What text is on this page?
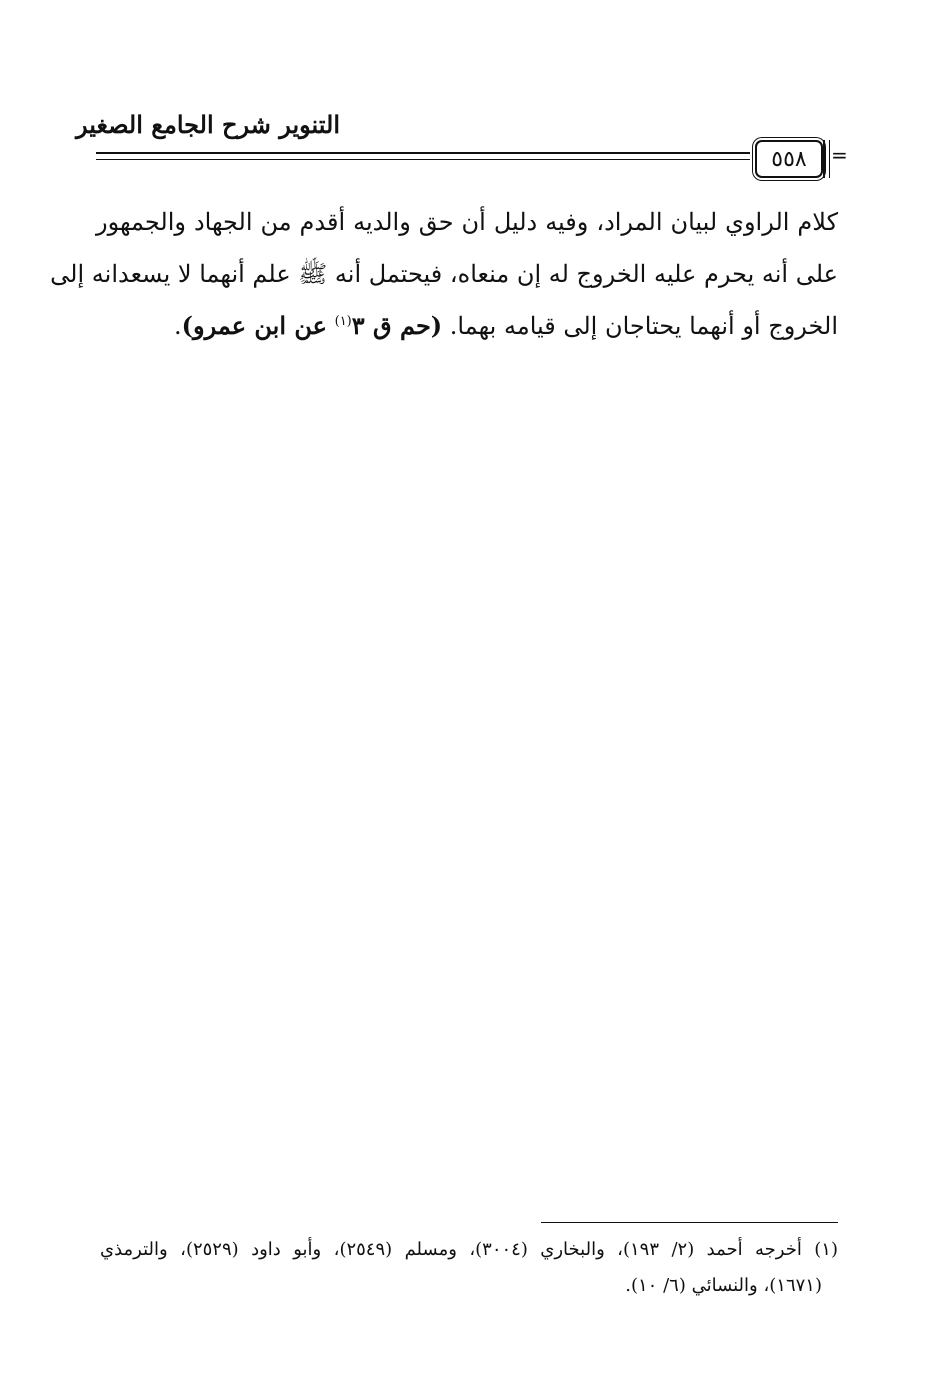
التنوير شرح الجامع الصغير
٥٥٨ =
كلام الراوي لبيان المراد، وفيه دليل أن حق والديه أقدم من الجهاد والجمهور
على أنه يحرم عليه الخروج له إن منعاه، فيحتمل أنه ﷺ علم أنهما لا يسعدانه إلى
الخروج أو أنهما يحتاجان إلى قيامه بهما. (حم ق ٣$^{(١)}$ عن ابن عمرو).
(١) أخرجه أحمد (٢/ ١٩٣)، والبخاري (٣٠٠٤)، ومسلم (٢٥٤٩)، وأبو داود (٢٥٢٩)، والترمذي
(١٦٧١)، والنسائي (٦/ ١٠).
